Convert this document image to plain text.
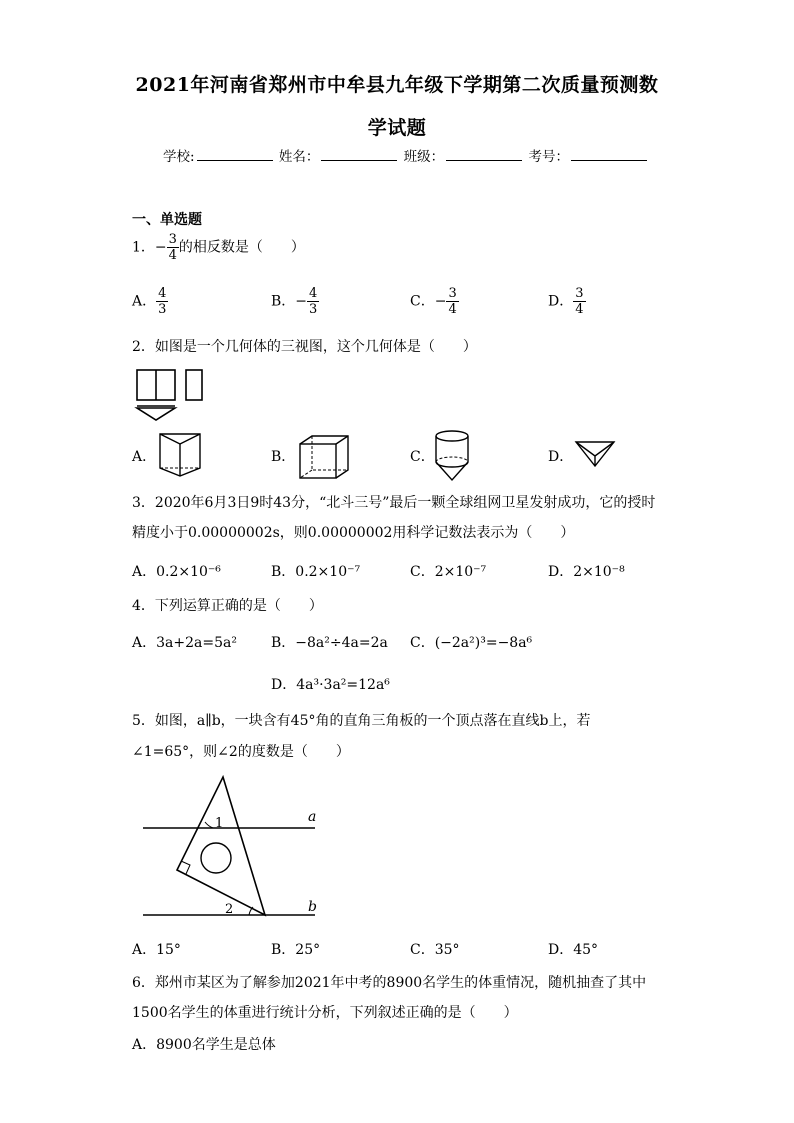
2021年河南省郑州市中牟县九年级下学期第二次质量预测数
学试题
学校:	姓名：	班级：	考号：
一、单选题
1．− $\frac{3}{4}$ 的相反数是（　　）
A． $\frac{4}{3}$	B．− $\frac{4}{3}$	C．− $\frac{3}{4}$	D． $\frac{3}{4}$
2．如图是一个几何体的三视图，这个几何体是（　　）
A．	B．	C．	D．
3．2020年6月3日9时43分，“北斗三号”最后一颗全球组网卫星发射成功，它的授时
精度小于0.00000002s，则0.00000002用科学记数法表示为（　　）
A．0.2×10⁻⁶	B．0.2×10⁻⁷	C．2×10⁻⁷	D．2×10⁻⁸
4．下列运算正确的是（　　）
A．3a+2a=5a² B．−8a²÷4a=2a C．(−2a²)³=−8a⁶
D．4a³·3a²=12a⁶
5．如图，a∥b，一块含有45°角的直角三角板的一个顶点落在直线b上，若
∠1=65°，则∠2的度数是（　　）
a
b
1
2
A．15°	B．25°	C．35°	D．45°
6．郑州市某区为了解参加2021年中考的8900名学生的体重情况，随机抽查了其中
1500名学生的体重进行统计分析，下列叙述正确的是（　　）
A．8900名学生是总体
